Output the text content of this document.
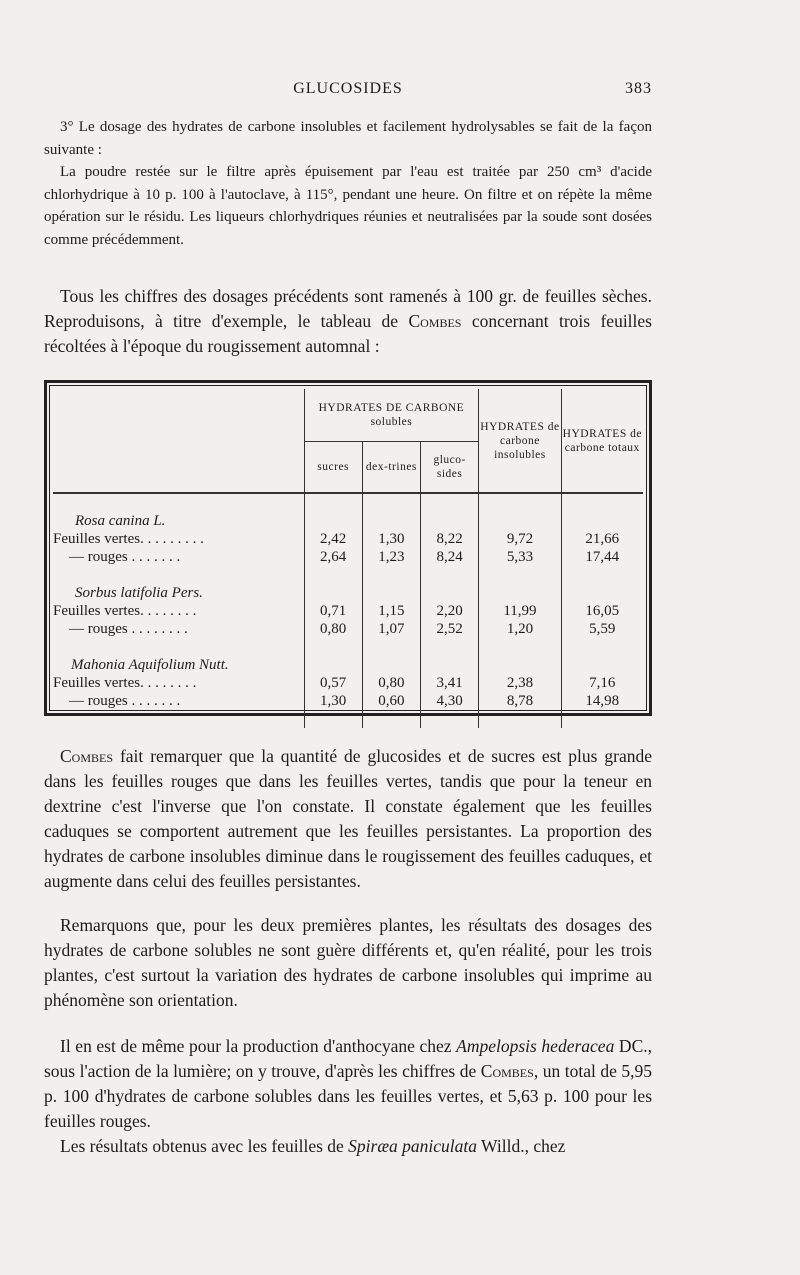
GLUCOSIDES	383

3° Le dosage des hydrates de carbone insolubles et facilement hydrolysables se fait de la façon suivante :

La poudre restée sur le filtre après épuisement par l'eau est traitée par 250 cm³ d'acide chlorhydrique à 10 p. 100 à l'autoclave, à 115°, pendant une heure. On filtre et on répète la même opération sur le résidu. Les liqueurs chlorhydriques réunies et neutralisées par la soude sont dosées comme précédemment.

Tous les chiffres des dosages précédents sont ramenés à 100 gr. de feuilles sèches. Reproduisons, à titre d'exemple, le tableau de Combes concernant trois feuilles récoltées à l'époque du rougissement automnal :

	HYDRATES DE CARBONE solubles			HYDRATES de carbone insolubles	HYDRATES de carbone totaux
	sucres	dex-trines	gluco-sides		

Rosa canina L.					
Feuilles vertes. . . . . . . . .	2,42	1,30	8,22	9,72	21,66
— rouges . . . . . . .	2,64	1,23	8,24	5,33	17,44

Sorbus latifolia Pers.					
Feuilles vertes. . . . . . . .	0,71	1,15	2,20	11,99	16,05
— rouges . . . . . . . .	0,80	1,07	2,52	1,20	5,59

Mahonia Aquifolium Nutt.					
Feuilles vertes. . . . . . . .	0,57	0,80	3,41	2,38	7,16
— rouges . . . . . . .	1,30	0,60	4,30	8,78	14,98

Combes fait remarquer que la quantité de glucosides et de sucres est plus grande dans les feuilles rouges que dans les feuilles vertes, tandis que pour la teneur en dextrine c'est l'inverse que l'on constate. Il constate également que les feuilles caduques se comportent autrement que les feuilles persistantes. La proportion des hydrates de carbone insolubles diminue dans le rougissement des feuilles caduques, et augmente dans celui des feuilles persistantes.

Remarquons que, pour les deux premières plantes, les résultats des dosages des hydrates de carbone solubles ne sont guère différents et, qu'en réalité, pour les trois plantes, c'est surtout la variation des hydrates de carbone insolubles qui imprime au phénomène son orientation.

Il en est de même pour la production d'anthocyane chez Ampelopsis hederacea DC., sous l'action de la lumière; on y trouve, d'après les chiffres de Combes, un total de 5,95 p. 100 d'hydrates de carbone solubles dans les feuilles vertes, et 5,63 p. 100 pour les feuilles rouges.

Les résultats obtenus avec les feuilles de Spiræa paniculata Willd., chez
